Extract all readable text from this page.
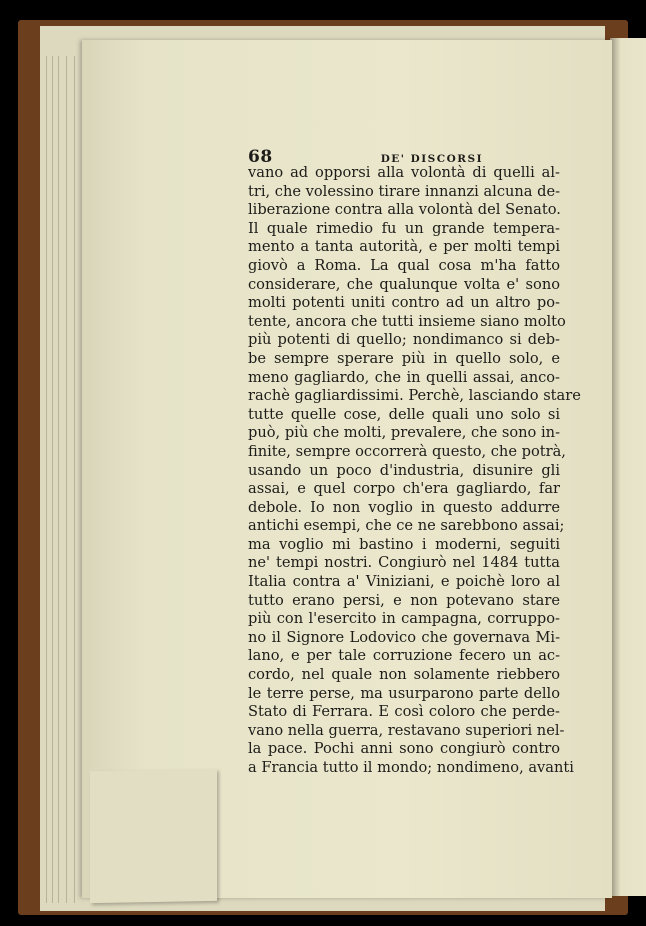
68	DE' DISCORSI
vano ad opporsi alla volontà di quelli al-
tri, che volessino tirare innanzi alcuna de-
liberazione contra alla volontà del Senato.
Il quale rimedio fu un grande tempera-
mento a tanta autorità, e per molti tempi
giovò a Roma. La qual cosa m'ha fatto
considerare, che qualunque volta e' sono
molti potenti uniti contro ad un altro po-
tente, ancora che tutti insieme siano molto
più potenti di quello; nondimanco si deb-
be sempre sperare più in quello solo, e
meno gagliardo, che in quelli assai, anco-
rachè gagliardissimi. Perchè, lasciando stare
tutte quelle cose, delle quali uno solo si
può, più che molti, prevalere, che sono in-
finite, sempre occorrerà questo, che potrà,
usando un poco d'industria, disunire gli
assai, e quel corpo ch'era gagliardo, far
debole. Io non voglio in questo addurre
antichi esempi, che ce ne sarebbono assai;
ma voglio mi bastino i moderni, seguiti
ne' tempi nostri. Congiurò nel 1484 tutta
Italia contra a' Viniziani, e poichè loro al
tutto erano persi, e non potevano stare
più con l'esercito in campagna, corruppo-
no il Signore Lodovico che governava Mi-
lano, e per tale corruzione fecero un ac-
cordo, nel quale non solamente riebbero
le terre perse, ma usurparono parte dello
Stato di Ferrara. E così coloro che perde-
vano nella guerra, restavano superiori nel-
la pace. Pochi anni sono congiurò contro
a Francia tutto il mondo; nondimeno, avanti
